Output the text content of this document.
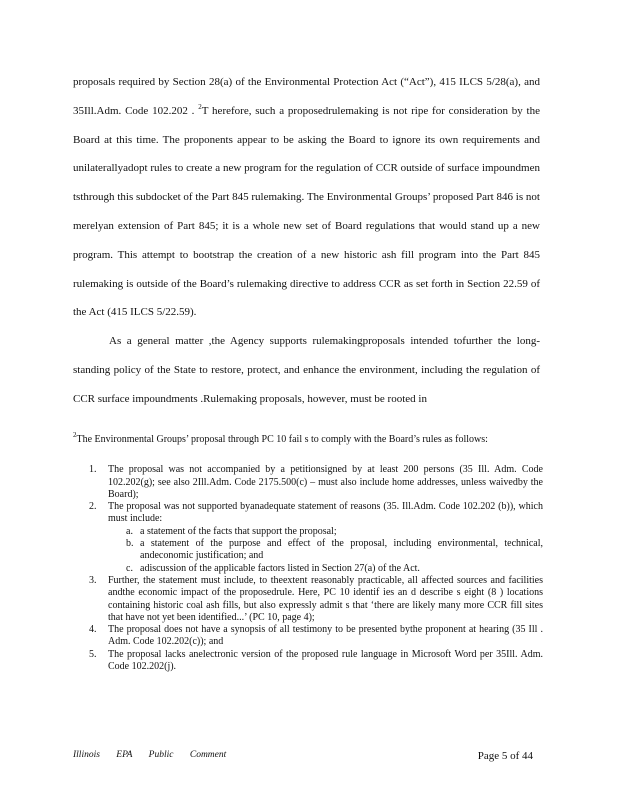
proposals required by Section 28(a) of the Environmental Protection Act (“Act”), 415 ILCS 5/28(a), and 35Ill.Adm. Code 102.202 . $^2$T herefore, such a proposedrulemaking is not ripe for consideration by the Board at this time. The proponents appear to be asking the Board to ignore its own requirements and unilaterallyadopt rules to create a new program for the regulation of CCR outside of surface impoundmen tsthrough this subdocket of the Part 845 rulemaking. The Environmental Groups’ proposed Part 846 is not merelyan extension of Part 845; it is a whole new set of Board regulations that would stand up a new program. This attempt to bootstrap the creation of a new historic ash fill program into the Part 845 rulemaking is outside of the Board’s rulemaking directive to address CCR as set forth in Section 22.59 of the Act (415 ILCS 5/22.59).

As a general matter ,the Agency supports rulemakingproposals intended tofurther the long- standing policy of the State to restore, protect, and enhance the environment, including the regulation of CCR surface impoundments .Rulemaking proposals, however, must be rooted in

$^2$The Environmental Groups’ proposal through PC 10 fail s to comply with the Board’s rules as follows:

1. The proposal was not accompanied by a petitionsigned by at least 200 persons (35 Ill. Adm. Code 102.202(g); see also 2Ill.Adm. Code 2175.500(c) – must also include home addresses, unless waivedby the Board);
2. The proposal was not supported byanadequate statement of reasons (35. Ill.Adm. Code 102.202 (b)), which must include:
a. a statement of the facts that support the proposal;
b. a statement of the purpose and effect of the proposal, including environmental, technical, andeconomic justification; and
c. adiscussion of the applicable factors listed in Section 27(a) of the Act.
3. Further, the statement must include, to theextent reasonably practicable, all affected sources and facilities andthe economic impact of the proposedrule. Here, PC 10 identif ies an d describe s eight (8 ) locations containing historic coal ash fills, but also expressly admit s that ‘there are likely many more CCR fill sites that have not yet been identified...’ (PC 10, page 4);
4. The proposal does not have a synopsis of all testimony to be presented bythe proponent at hearing (35 Ill . Adm. Code 102.202(c)); and
5. The proposal lacks anelectronic version of the proposed rule language in Microsoft Word per 35Ill. Adm. Code 102.202(j).
Illinois EPA Public Comment	Page 5 of 44
